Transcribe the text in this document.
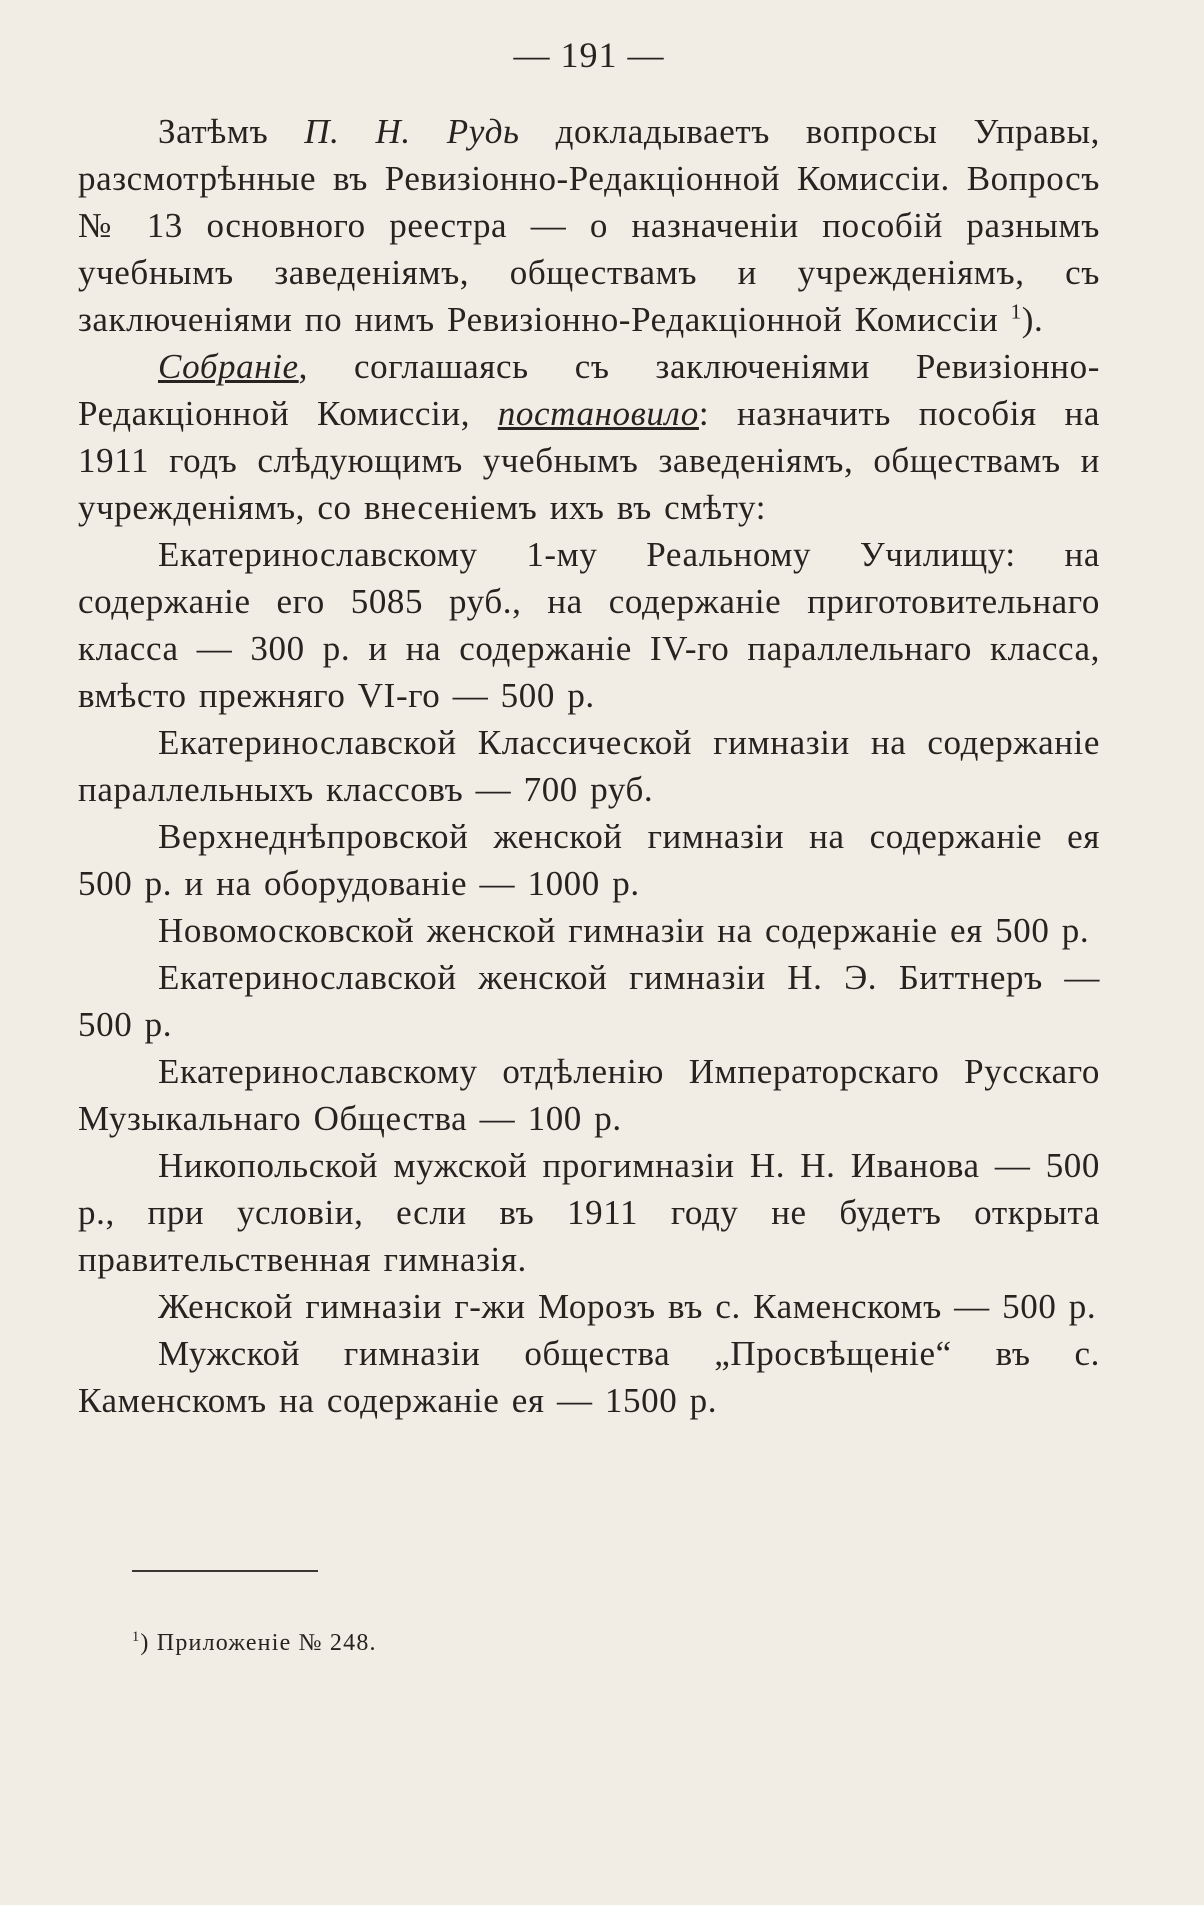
— 191 —

Затѣмъ П. Н. Рудь докладываетъ вопросы Управы, разсмотрѣнные въ Ревизіонно-Редакціонной Комиссіи. Вопросъ № 13 основного реестра — о назначеніи пособій разнымъ учебнымъ заведеніямъ, обществамъ и учрежденіямъ, съ заключеніями по нимъ Ревизіонно-Редакціонной Комиссіи $^1$).

Собраніе, соглашаясь съ заключеніями Ревизіонно-Редакціонной Комиссіи, постановило: назначить пособія на 1911 годъ слѣдующимъ учебнымъ заведеніямъ, обществамъ и учрежденіямъ, со внесеніемъ ихъ въ смѣту:

Екатеринославскому 1-му Реальному Училищу: на содержаніе его 5085 руб., на содержаніе приготовительнаго класса — 300 р. и на содержаніе IV-го параллельнаго класса, вмѣсто прежняго VI-го — 500 р.

Екатеринославской Классической гимназіи на содержаніе параллельныхъ классовъ — 700 руб.

Верхнеднѣпровской женской гимназіи на содержаніе ея 500 р. и на оборудованіе — 1000 р.

Новомосковской женской гимназіи на содержаніе ея 500 р.

Екатеринославской женской гимназіи Н. Э. Биттнеръ — 500 р.

Екатеринославскому отдѣленію Императорскаго Русскаго Музыкальнаго Общества — 100 р.

Никопольской мужской прогимназіи Н. Н. Иванова — 500 р., при условіи, если въ 1911 году не будетъ открыта правительственная гимназія.

Женской гимназіи г-жи Морозъ въ с. Каменскомъ — 500 р.

Мужской гимназіи общества „Просвѣщеніе“ въ с. Каменскомъ на содержаніе ея — 1500 р.

$^1$) Приложеніе № 248.
